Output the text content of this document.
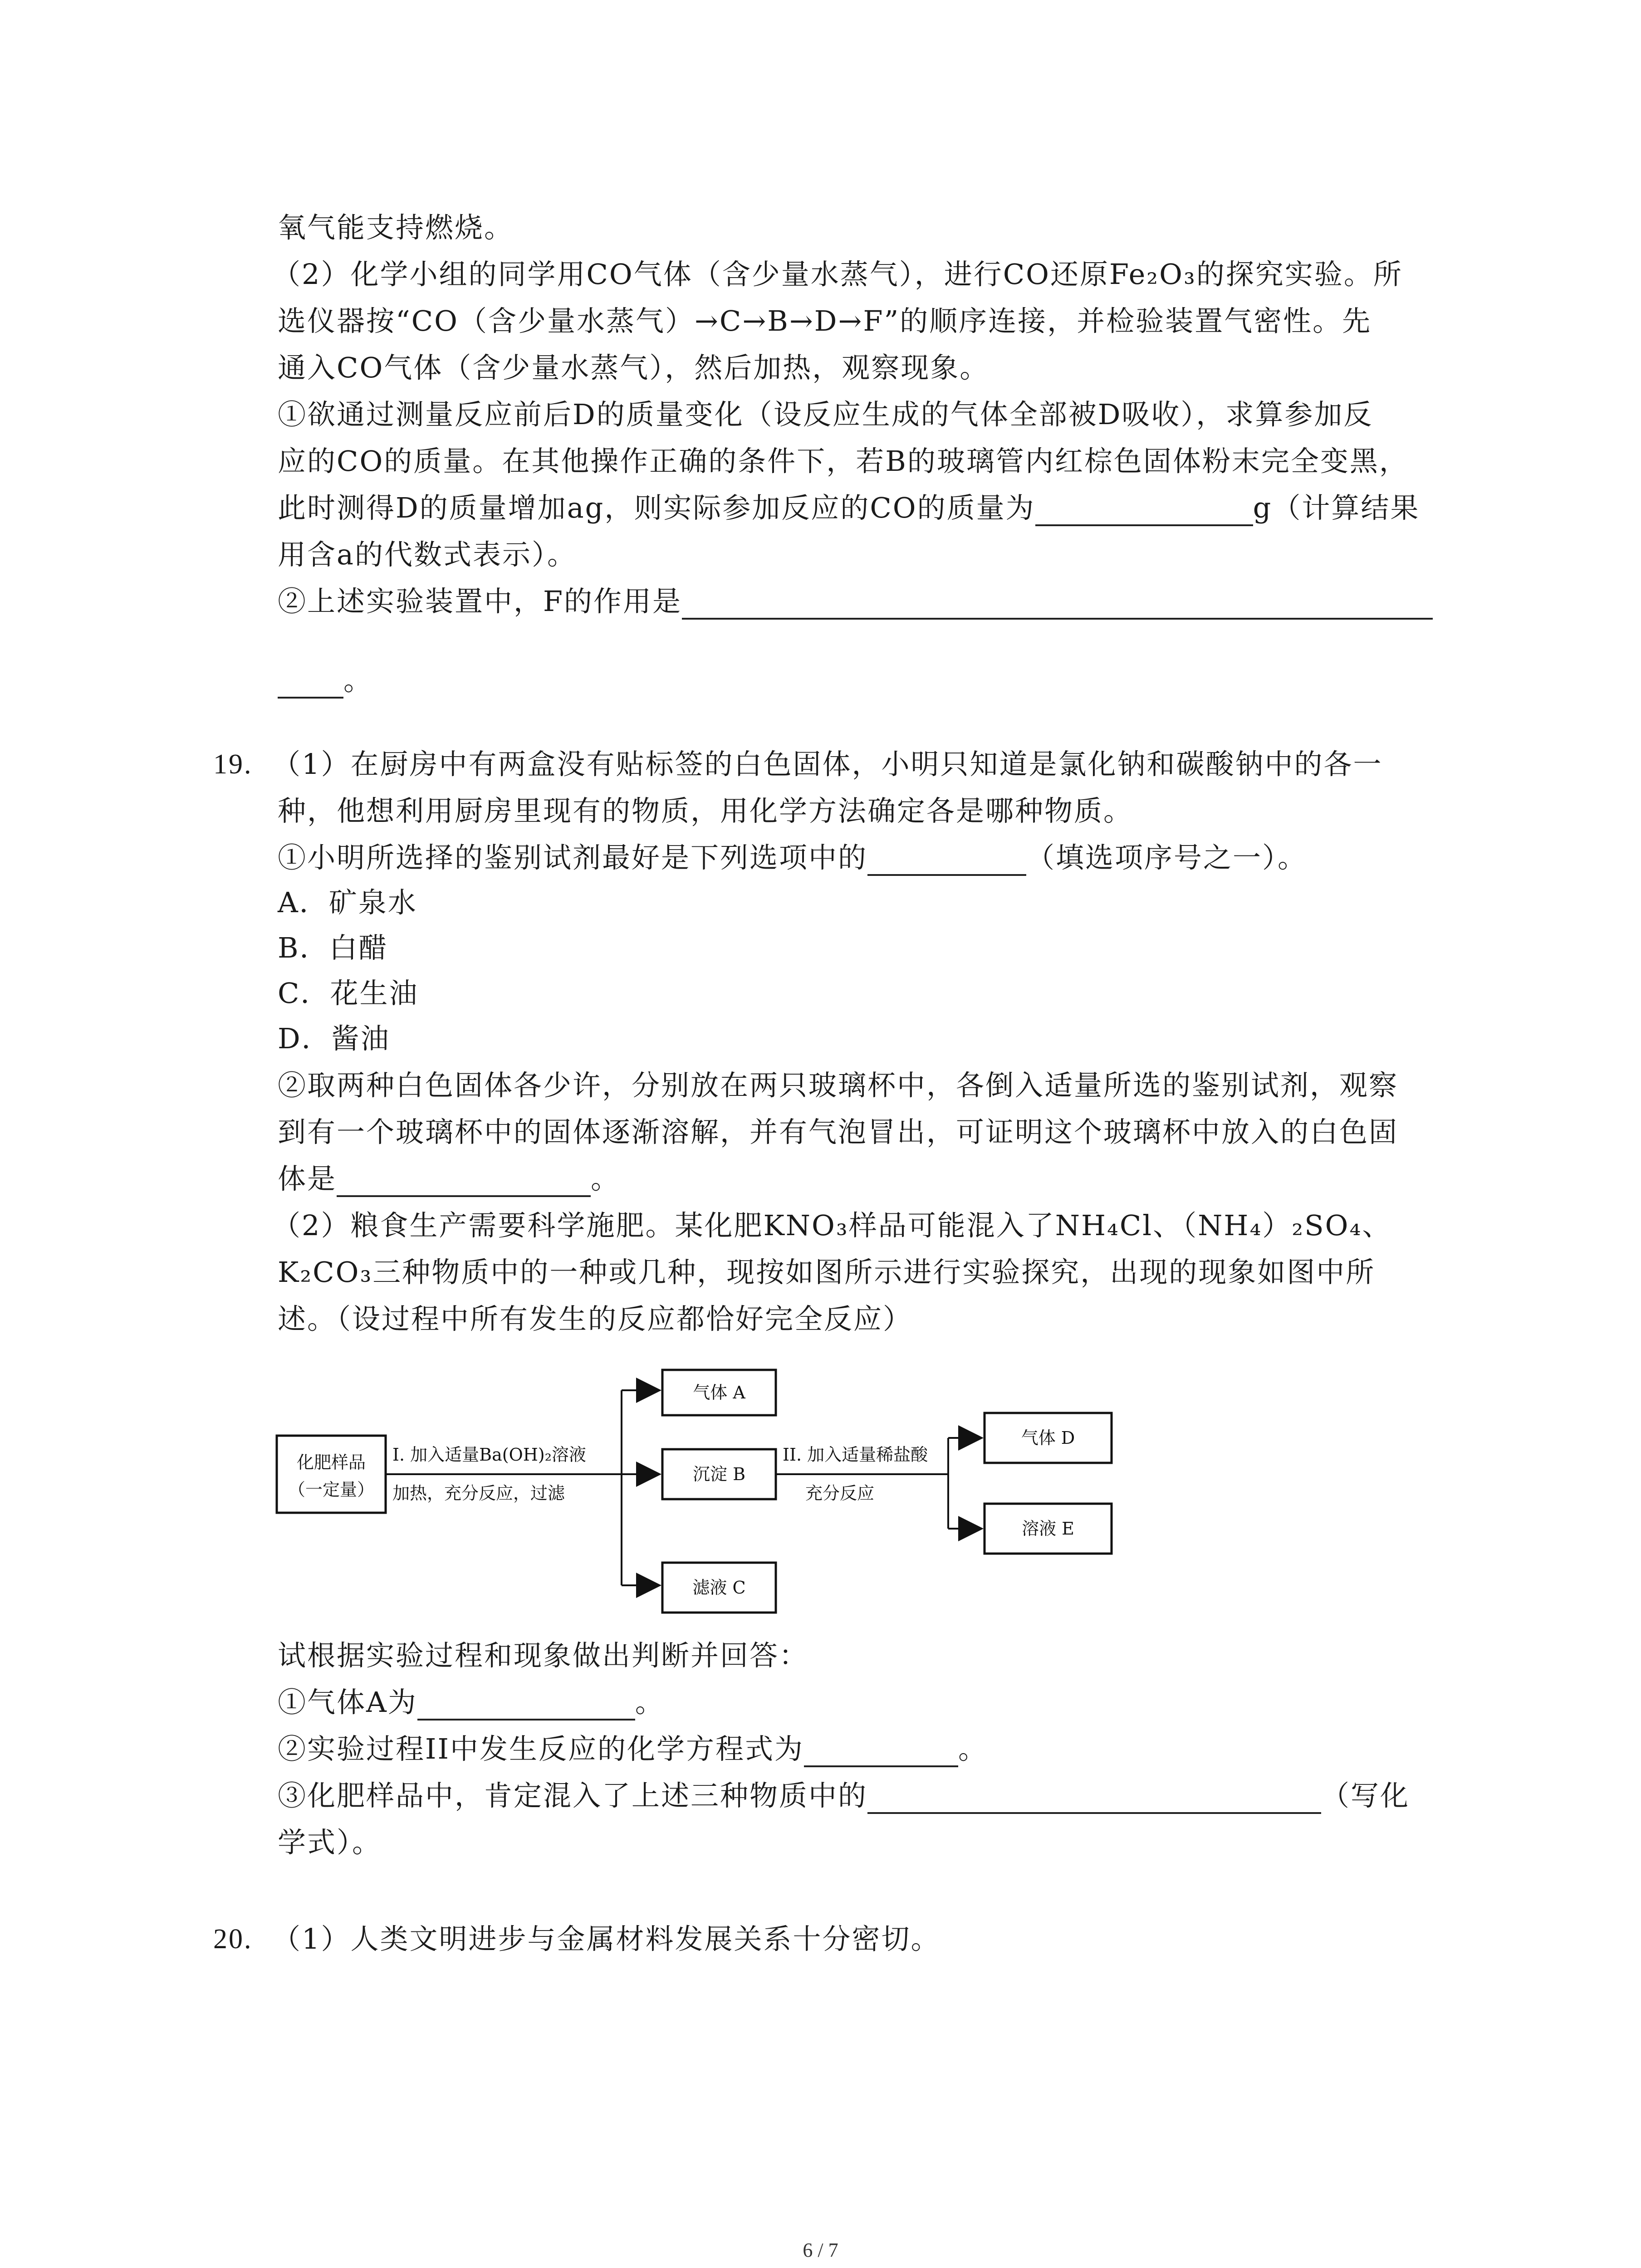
氧气能支持燃烧。
（2）化学小组的同学用CO气体（含少量水蒸气），进行CO还原Fe₂O₃的探究实验。所
选仪器按“CO（含少量水蒸气）→C→B→D→F”的顺序连接，并检验装置气密性。先
通入CO气体（含少量水蒸气），然后加热，观察现象。
①欲通过测量反应前后D的质量变化（设反应生成的气体全部被D吸收），求算参加反
应的CO的质量。在其他操作正确的条件下，若B的玻璃管内红棕色固体粉末完全变黑，
此时测得D的质量增加ag，则实际参加反应的CO的质量为	g（计算结果
用含a的代数式表示）。
②上述实验装置中，F的作用是
。
19. （1）在厨房中有两盒没有贴标签的白色固体，小明只知道是氯化钠和碳酸钠中的各一
种，他想利用厨房里现有的物质，用化学方法确定各是哪种物质。
①小明所选择的鉴别试剂最好是下列选项中的	（填选项序号之一）。
A．矿泉水
B．白醋
C．花生油
D．酱油
②取两种白色固体各少许，分别放在两只玻璃杯中，各倒入适量所选的鉴别试剂，观察
到有一个玻璃杯中的固体逐渐溶解，并有气泡冒出，可证明这个玻璃杯中放入的白色固
体是	。
（2）粮食生产需要科学施肥。某化肥KNO₃样品可能混入了NH₄Cl、（NH₄）₂SO₄、
K₂CO₃三种物质中的一种或几种，现按如图所示进行实验探究，出现的现象如图中所
述。（设过程中所有发生的反应都恰好完全反应）
化肥样品
（一定量）
I. 加入适量Ba(OH)₂溶液
加热，充分反应，过滤
气体 A
沉淀 B
滤液 C
II. 加入适量稀盐酸
充分反应
气体 D
溶液 E
试根据实验过程和现象做出判断并回答：
①气体A为	。
②实验过程II中发生反应的化学方程式为	。
③化肥样品中，肯定混入了上述三种物质中的	（写化
学式）。
20. （1）人类文明进步与金属材料发展关系十分密切。
6 / 7
